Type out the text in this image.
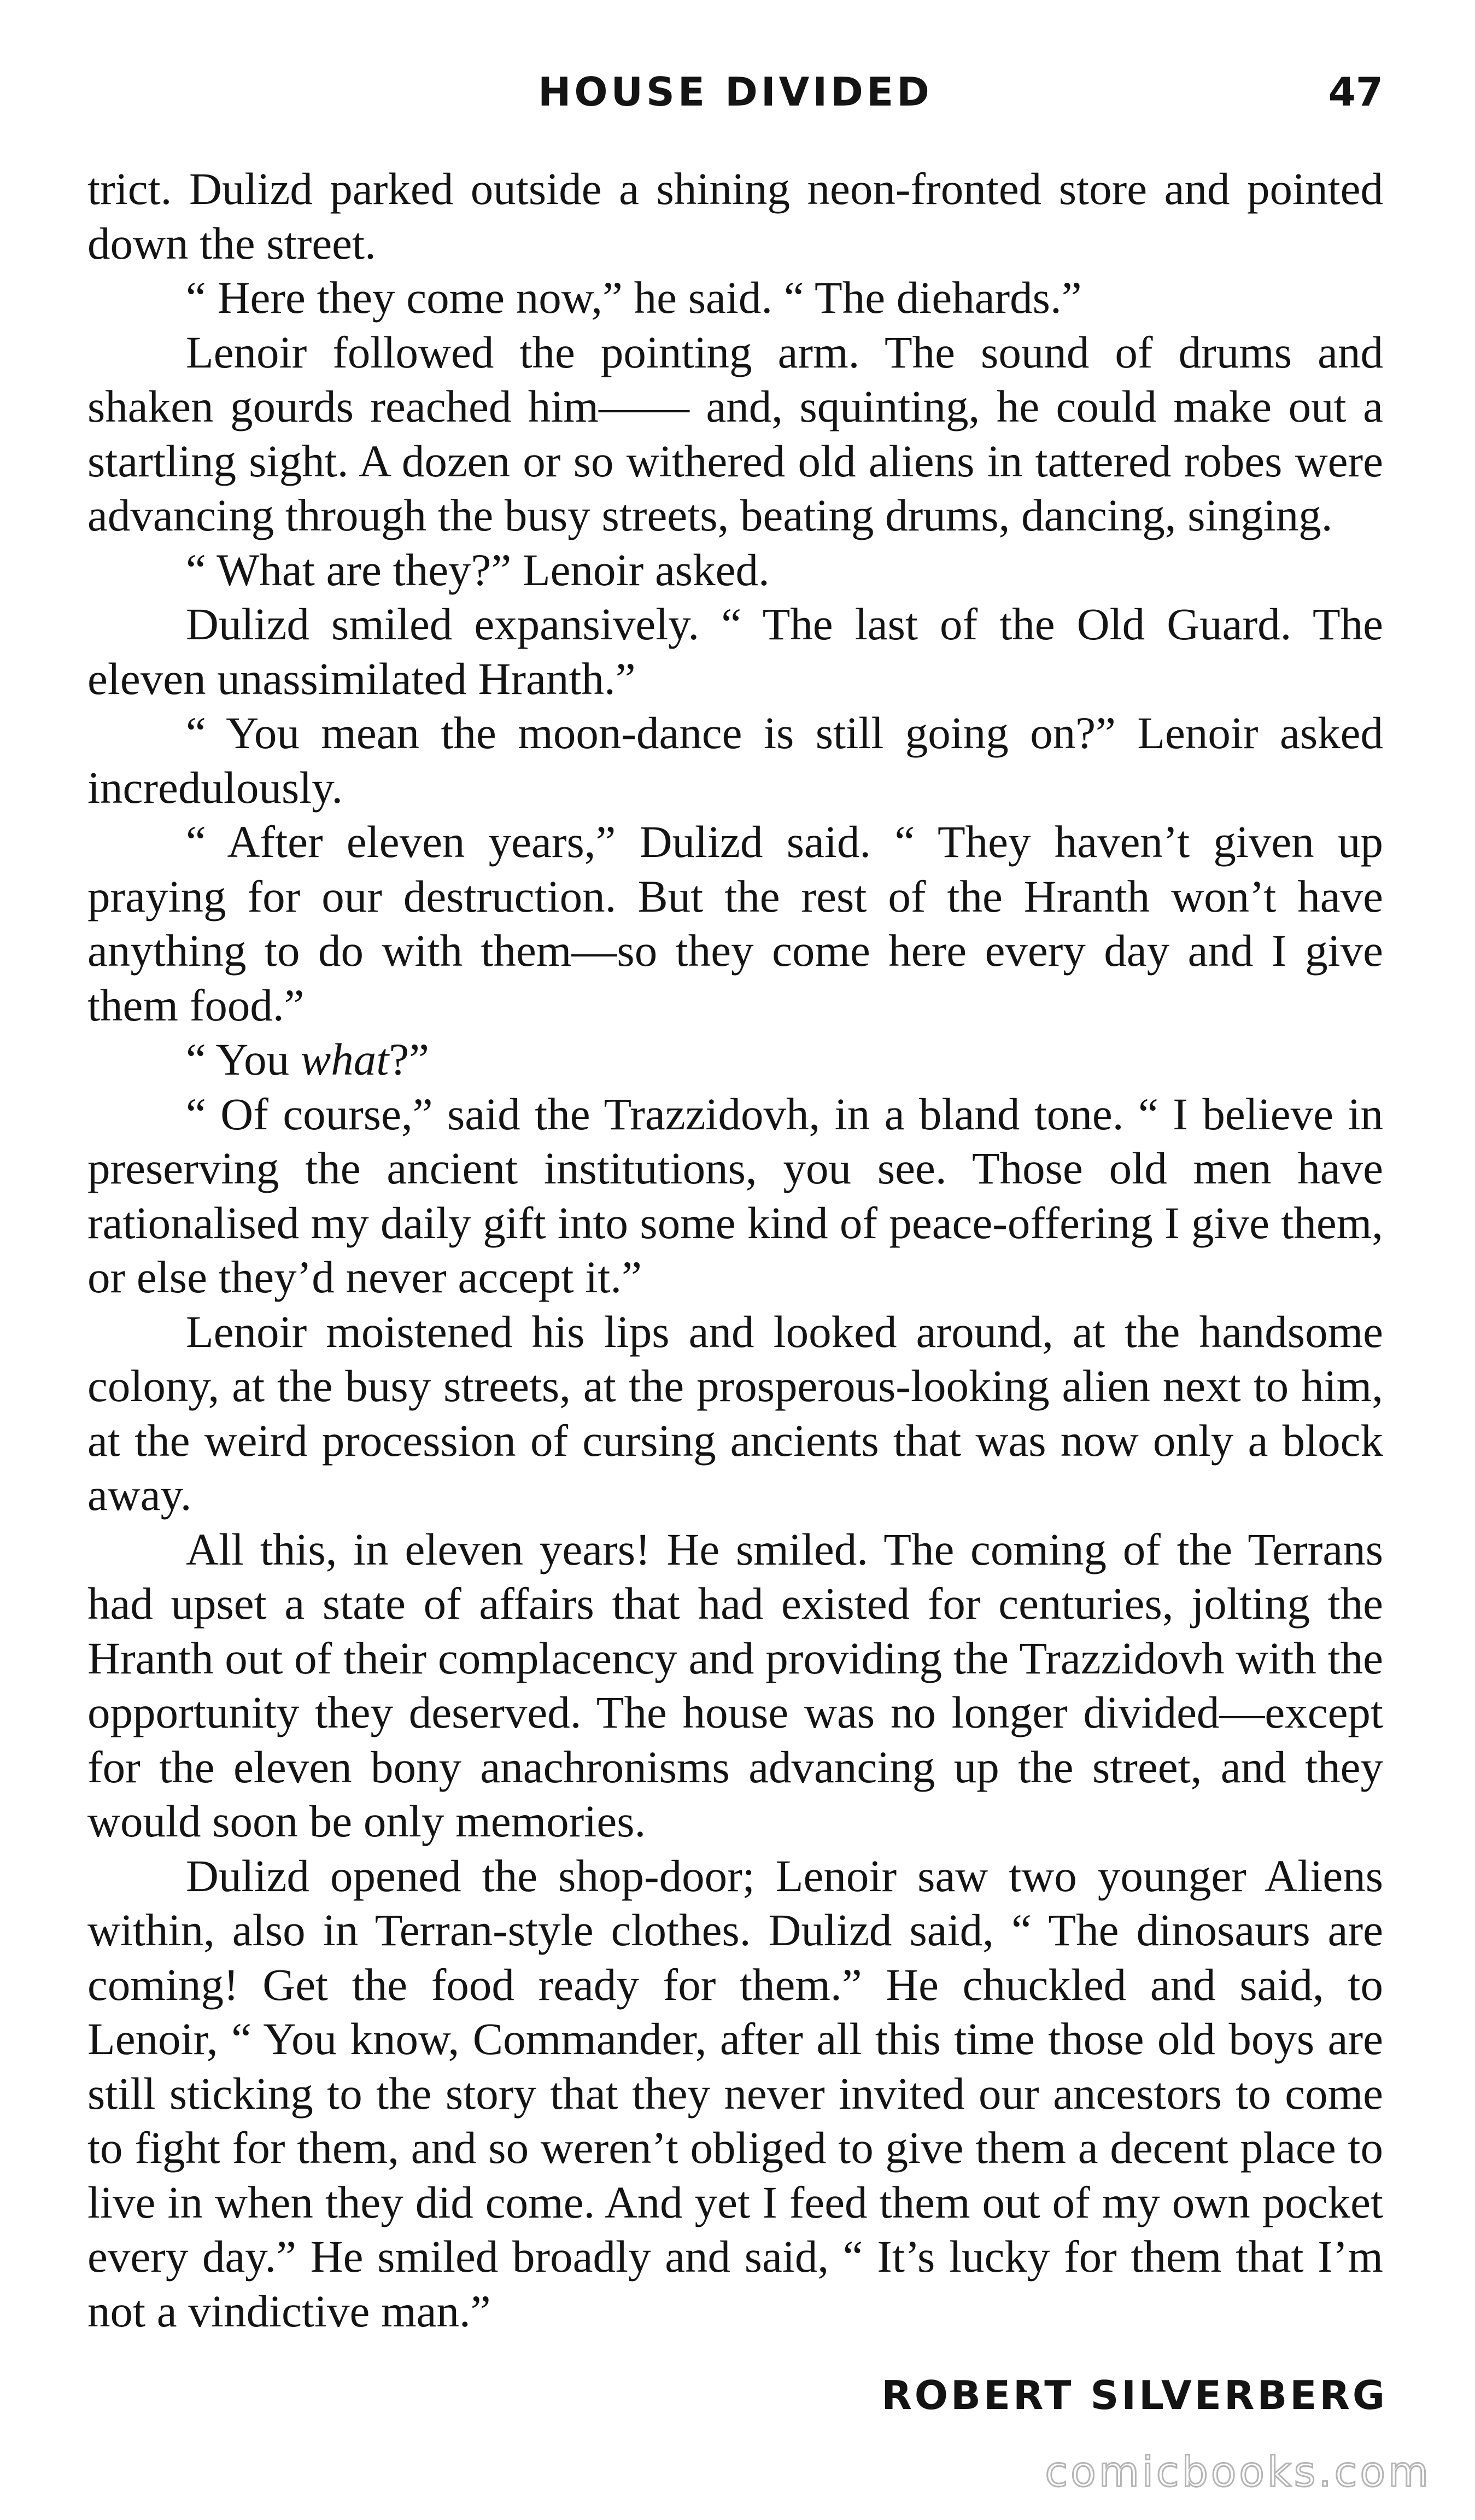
HOUSE DIVIDED	47

trict. Dulizd parked outside a shining neon-fronted store and pointed down the street.

“ Here they come now,” he said. “ The diehards.”

Lenoir followed the pointing arm. The sound of drums and shaken gourds reached him—— and, squinting, he could make out a startling sight. A dozen or so withered old aliens in tattered robes were advancing through the busy streets, beating drums, dancing, singing.

“ What are they?” Lenoir asked.

Dulizd smiled expansively. “ The last of the Old Guard. The eleven unassimilated Hranth.”

“ You mean the moon-dance is still going on?” Lenoir asked incredulously.

“ After eleven years,” Dulizd said. “ They haven’t given up praying for our destruction. But the rest of the Hranth won’t have anything to do with them—so they come here every day and I give them food.”

“ You what?”

“ Of course,” said the Trazzidovh, in a bland tone. “ I believe in preserving the ancient institutions, you see. Those old men have rationalised my daily gift into some kind of peace-offering I give them, or else they’d never accept it.”

Lenoir moistened his lips and looked around, at the handsome colony, at the busy streets, at the prosperous-looking alien next to him, at the weird procession of cursing ancients that was now only a block away.

All this, in eleven years! He smiled. The coming of the Terrans had upset a state of affairs that had existed for centuries, jolting the Hranth out of their complacency and providing the Trazzidovh with the opportunity they deserved. The house was no longer divided—except for the eleven bony anachronisms advancing up the street, and they would soon be only memories.

Dulizd opened the shop-door; Lenoir saw two younger Aliens within, also in Terran-style clothes. Dulizd said, “ The dinosaurs are coming! Get the food ready for them.” He chuckled and said, to Lenoir, “ You know, Commander, after all this time those old boys are still sticking to the story that they never invited our ancestors to come to fight for them, and so weren’t obliged to give them a decent place to live in when they did come. And yet I feed them out of my own pocket every day.” He smiled broadly and said, “ It’s lucky for them that I’m not a vindictive man.”

ROBERT SILVERBERG
comicbooks.com
